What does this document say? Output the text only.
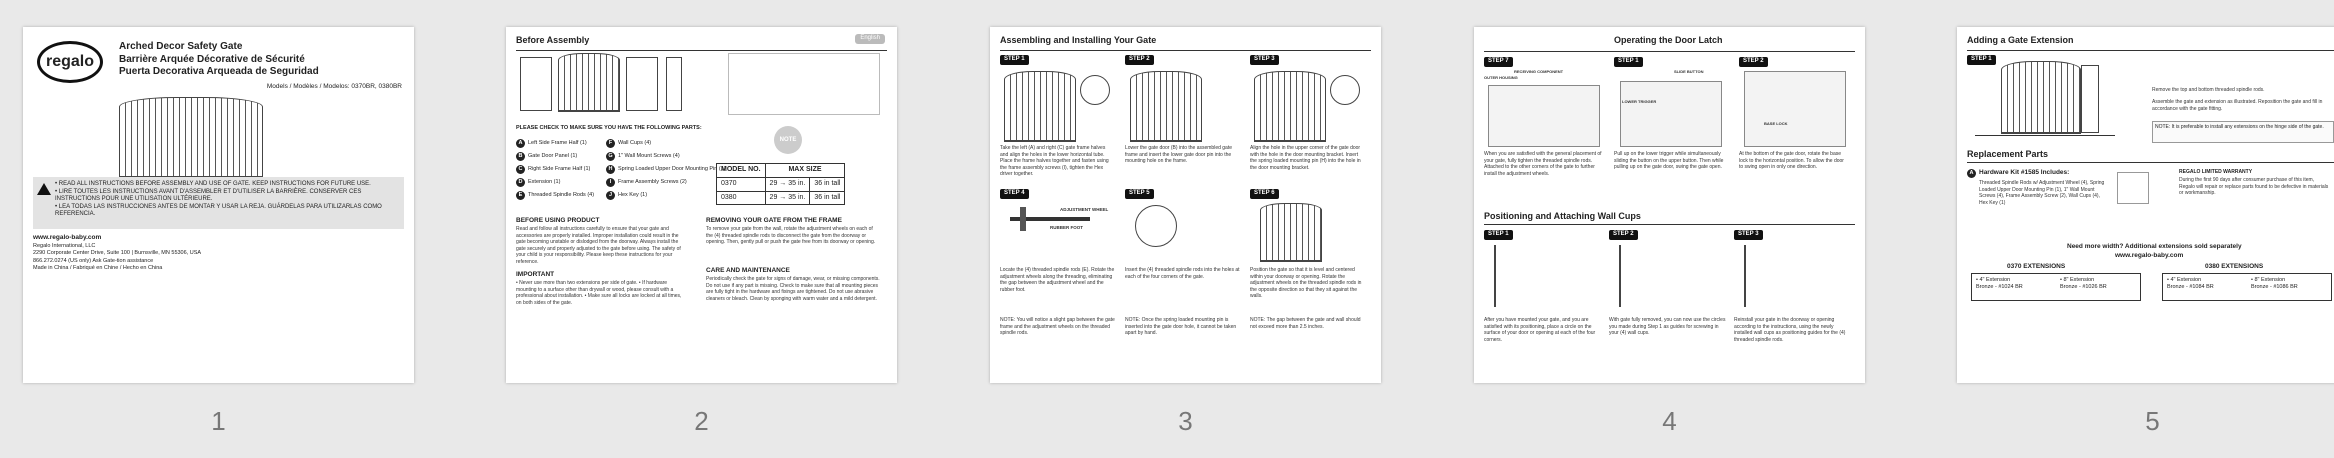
regalo
Arched Decor Safety Gate
Barrière Arquée Décorative de Sécurité
Puerta Decorativa Arqueada de Seguridad
Models / Modèles / Modelos: 0370BR, 0380BR
• READ ALL INSTRUCTIONS BEFORE ASSEMBLY AND USE OF GATE. KEEP INSTRUCTIONS FOR FUTURE USE.
• LIRE TOUTES LES INSTRUCTIONS AVANT D'ASSEMBLER ET D'UTILISER LA BARRIÈRE. CONSERVER CES INSTRUCTIONS POUR UNE UTILISATION ULTÉRIEURE.
• LEA TODAS LAS INSTRUCCIONES ANTES DE MONTAR Y USAR LA REJA. GUÁRDELAS PARA UTILIZARLAS COMO REFERENCIA.
www.regalo-baby.com
Regalo International, LLC
2290 Corporate Center Drive, Suite 100 | Burnsville, MN 55306, USA
866.272.0274 (US only) Ask Gate-tion assistance
Made in China / Fabriqué en Chine / Hecho en China
1
Before Assembly	English
PLEASE CHECK TO MAKE SURE YOU HAVE THE FOLLOWING PARTS:
A Left Side Frame Half (1)
B Gate Door Panel (1)
C Right Side Frame Half (1)
D Extension (1)
E Threaded Spindle Rods (4)
F Wall Cups (4)
G 1" Wall Mount Screws (4)
H Spring Loaded Upper Door Mounting Pin (1)
I Frame Assembly Screws (2)
J Hex Key (1)
NOTE
MODEL NO.	MAX SIZE	
0370	29 → 35 in.	36 in tall
0380	29 → 35 in.	36 in tall
BEFORE USING PRODUCT
Read and follow all instructions carefully to ensure that your gate and accessories are properly installed. Improper installation could result in the gate becoming unstable or dislodged from the doorway. Always install the gate securely and properly adjusted to the gate before using. The safety of your child is your responsibility. Please keep these instructions for your reference.
IMPORTANT
• Never use more than two extensions per side of gate. • If hardware mounting to a surface other than drywall or wood, please consult with a professional about installation. • Make sure all locks are locked at all times, on both sides of the gate.
REMOVING YOUR GATE FROM THE FRAME
To remove your gate from the wall, rotate the adjustment wheels on each of the (4) threaded spindle rods to disconnect the gate from the doorway or opening. Then, gently pull or push the gate free from its doorway or opening.
CARE AND MAINTENANCE
Periodically check the gate for signs of damage, wear, or missing components. Do not use if any part is missing. Check to make sure that all mounting pieces are fully tight in the hardware and fixings are tightened. Do not use abrasive cleaners or bleach. Clean by sponging with warm water and a mild detergent.
2
Assembling and Installing Your Gate
STEP 1	STEP 2	STEP 3
Take the left (A) and right (C) gate frame halves and align the holes in the lower horizontal tube. Place the frame halves together and fasten using the frame assembly screws (I), tighten the Hex driver together.
Lower the gate door (B) into the assembled gate frame and insert the lower gate door pin into the mounting hole on the frame.
Align the hole in the upper corner of the gate door with the hole in the door mounting bracket. Insert the spring loaded mounting pin (H) into the hole in the door mounting bracket.
STEP 4	STEP 5	STEP 6
ADJUSTMENT WHEEL
RUBBER FOOT
Locate the (4) threaded spindle rods (E). Rotate the adjustment wheels along the threading, eliminating the gap between the adjustment wheel and the rubber foot.
Insert the (4) threaded spindle rods into the holes at each of the four corners of the gate.
Position the gate so that it is level and centered within your doorway or opening. Rotate the adjustment wheels on the threaded spindle rods in the opposite direction so that they sit against the walls.
NOTE: You will notice a slight gap between the gate frame and the adjustment wheels on the threaded spindle rods.
NOTE: Once the spring loaded mounting pin is inserted into the gate door hole, it cannot be taken apart by hand.
NOTE: The gap between the gate and wall should not exceed more than 2.5 inches.
3
Operating the Door Latch
STEP 7	STEP 1	STEP 2
RECEIVING COMPONENT
OUTER HOUSING
SLIDE BUTTON
LOWER TRIGGER
BASE LOCK
When you are satisfied with the general placement of your gate, fully tighten the threaded spindle rods. Attached to the other corners of the gate to further install the adjustment wheels.
Pull up on the lower trigger while simultaneously sliding the button on the upper button. Then while pulling up on the gate door, swing the gate open.
At the bottom of the gate door, rotate the base lock to the horizontal position. To allow the door to swing open in only one direction.
Positioning and Attaching Wall Cups
STEP 1	STEP 2	STEP 3
After you have mounted your gate, and you are satisfied with its positioning, place a circle on the surface of your door or opening at each of the four corners.
With gate fully removed, you can now use the circles you made during Step 1 as guides for screwing in your (4) wall cups.
Reinstall your gate in the doorway or opening according to the instructions, using the newly installed wall cups as positioning guides for the (4) threaded spindle rods.
4
Adding a Gate Extension
STEP 1
Remove the top and bottom threaded spindle rods.
Assemble the gate and extension as illustrated. Reposition the gate and fill in accordance with the gate fitting.
NOTE: It is preferable to install any extensions on the hinge side of the gate.
Replacement Parts
A Hardware Kit #1585 Includes:
Threaded Spindle Rods w/ Adjustment Wheel (4), Spring Loaded Upper Door Mounting Pin (1), 1" Wall Mount Screws (4), Frame Assembly Screw (2), Wall Cups (4), Hex Key (1)
REGALO LIMITED WARRANTY
During the first 90 days after consumer purchase of this item, Regalo will repair or replace parts found to be defective in materials or workmanship.
Need more width? Additional extensions sold separately
www.regalo-baby.com
0370 EXTENSIONS	0380 EXTENSIONS
• 4" Extension
Bronze - #1024 BR
• 8" Extension
Bronze - #1026 BR
• 4" Extension
Bronze - #1084 BR
• 8" Extension
Bronze - #1086 BR
5
